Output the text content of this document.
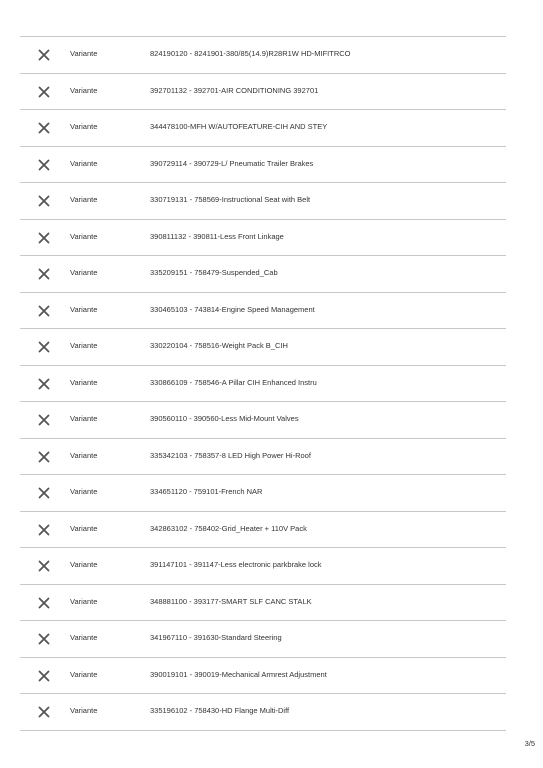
Variante	824190120 - 8241901-380/85(14.9)R28R1W HD-MIFITRCO
Variante	392701132 - 392701-AIR CONDITIONING 392701
Variante	344478100-MFH W/AUTOFEATURE-CIH AND STEY
Variante	390729114 - 390729-L/ Pneumatic Trailer Brakes
Variante	330719131 - 758569-Instructional Seat with Belt
Variante	390811132 - 390811-Less Front Linkage
Variante	335209151 - 758479-Suspended_Cab
Variante	330465103 - 743814-Engine Speed Management
Variante	330220104 - 758516-Weight Pack B_CIH
Variante	330866109 - 758546-A Pillar CIH Enhanced Instru
Variante	390560110 - 390560-Less Mid-Mount Valves
Variante	335342103 - 758357-8 LED High Power Hi-Roof
Variante	334651120 - 759101-French NAR
Variante	342863102 - 758402-Grid_Heater + 110V Pack
Variante	391147101 - 391147-Less electronic parkbrake lock
Variante	348881100 - 393177-SMART SLF CANC STALK
Variante	341967110 - 391630-Standard Steering
Variante	390019101 - 390019-Mechanical Armrest Adjustment
Variante	335196102 - 758430-HD Flange Multi-Diff
3/5
